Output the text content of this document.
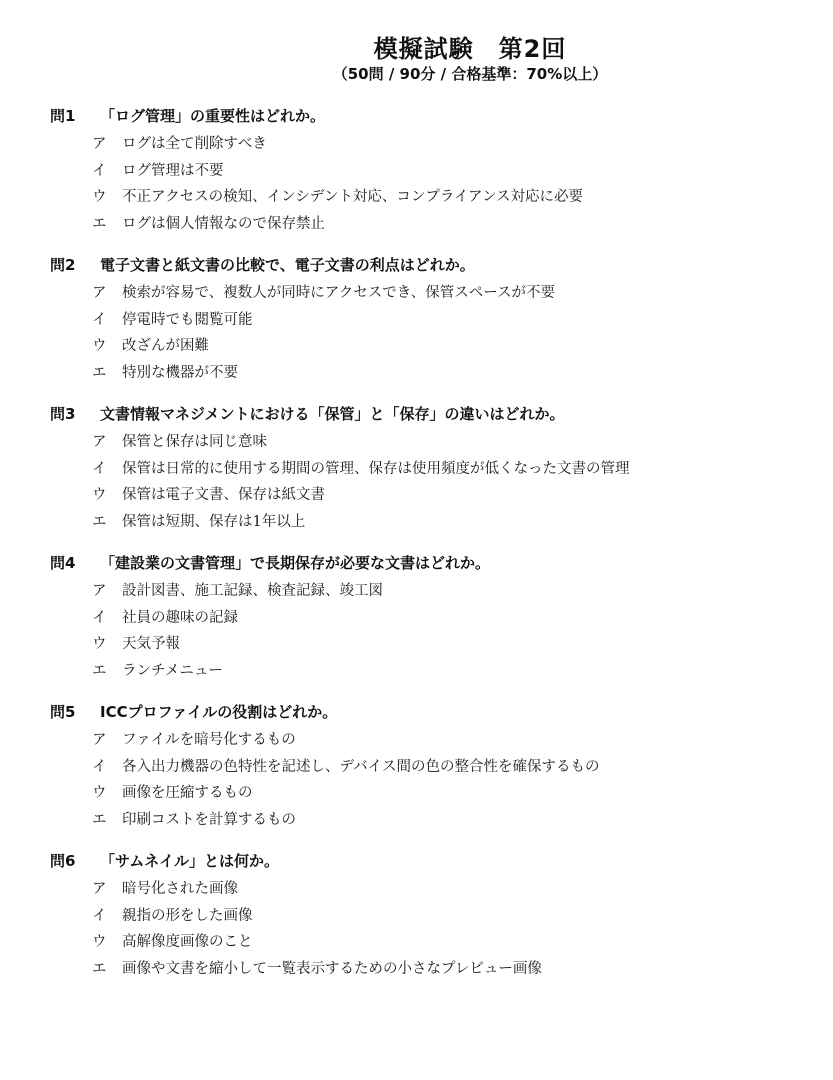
模擬試験　第2回
（50問 / 90分 / 合格基準：70%以上）
問1	「ログ管理」の重要性はどれか。
ア	ログは全て削除すべき
イ	ログ管理は不要
ウ	不正アクセスの検知、インシデント対応、コンプライアンス対応に必要
エ	ログは個人情報なので保存禁止
問2	電子文書と紙文書の比較で、電子文書の利点はどれか。
ア	検索が容易で、複数人が同時にアクセスでき、保管スペースが不要
イ	停電時でも閲覧可能
ウ	改ざんが困難
エ	特別な機器が不要
問3	文書情報マネジメントにおける「保管」と「保存」の違いはどれか。
ア	保管と保存は同じ意味
イ	保管は日常的に使用する期間の管理、保存は使用頻度が低くなった文書の管理
ウ	保管は電子文書、保存は紙文書
エ	保管は短期、保存は1年以上
問4	「建設業の文書管理」で長期保存が必要な文書はどれか。
ア	設計図書、施工記録、検査記録、竣工図
イ	社員の趣味の記録
ウ	天気予報
エ	ランチメニュー
問5	ICCプロファイルの役割はどれか。
ア	ファイルを暗号化するもの
イ	各入出力機器の色特性を記述し、デバイス間の色の整合性を確保するもの
ウ	画像を圧縮するもの
エ	印刷コストを計算するもの
問6	「サムネイル」とは何か。
ア	暗号化された画像
イ	親指の形をした画像
ウ	高解像度画像のこと
エ	画像や文書を縮小して一覧表示するための小さなプレビュー画像
